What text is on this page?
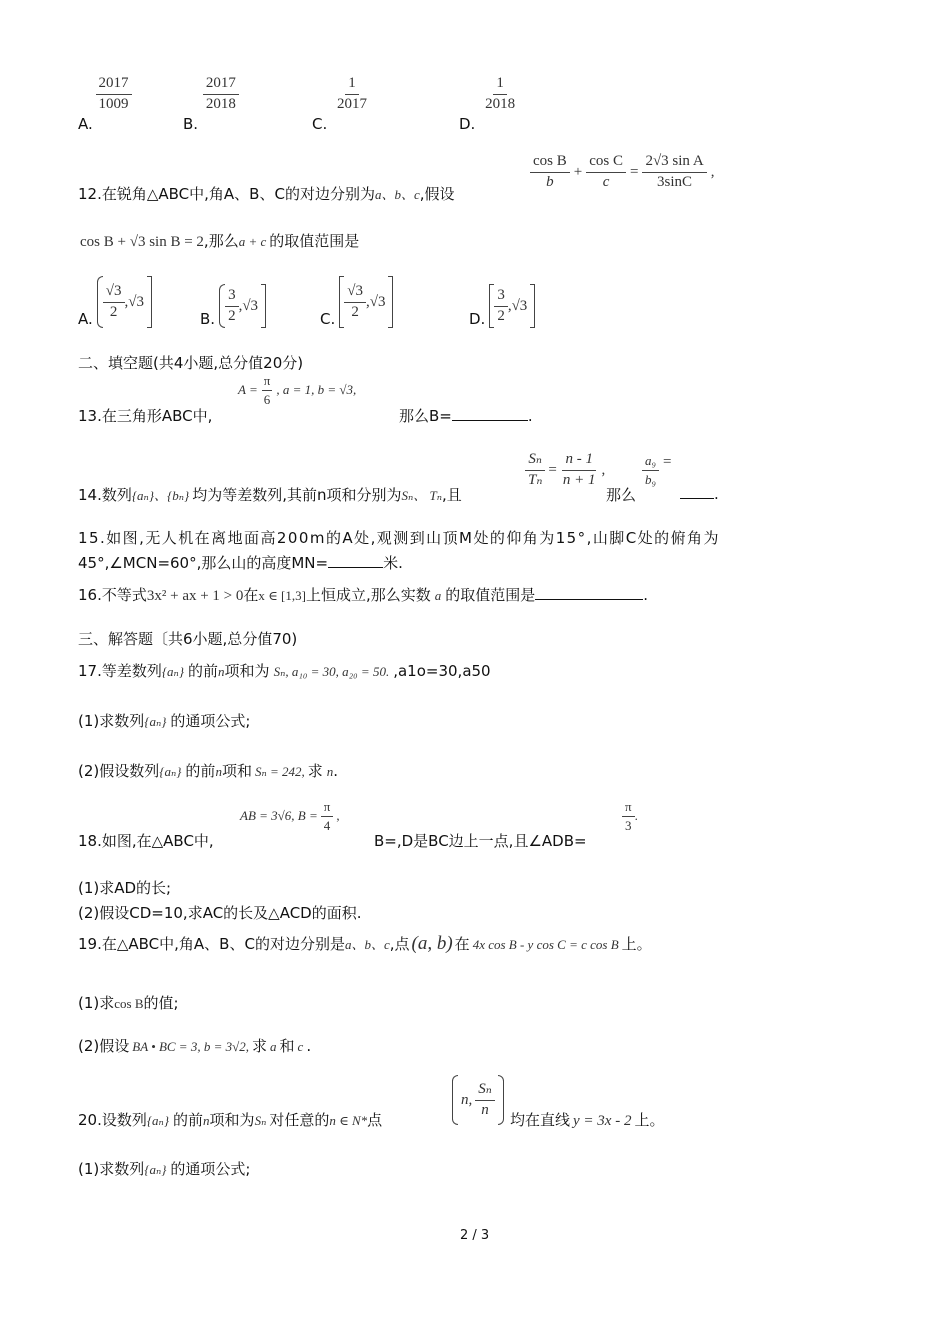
A.
$\frac{2017}{1009}$
B.
$\frac{2017}{2018}$
C.
$\frac{1}{2017}$
D.
$\frac{1}{2018}$
12.在锐角△ABC中,角A、B、C的对边分别为a、b、c,假设
$\frac{\text{cos B}}{b} + \frac{\text{cos C}}{c} = \frac{\text{2√3 sin A}}{3\sin C}$ ,
cos B + √3 sin B = 2,那么a + c 的取值范围是
A. $\frac{√3}{2} ,√3$
B. $\frac{3}{2} ,√3$
C. $\frac{√3}{2} ,√3$
D. $\frac{3}{2} ,√3$
二、填空题(共4小题,总分值20分)
13.在三角形ABC中,
$A = \frac{\pi}{6}$ , a = 1, b = √3,
那么B=	.
14.数列{aₙ}、{bₙ} 均为等差数列,其前n项和分别为Sₙ、 Tₙ,且
$\frac{\text{Sₙ}}{\text{Tₙ}} = \frac{n - 1}{n + 1}$ ,
那么
$\frac{\text{a₉}}{\text{b₉}}$ =
.
15.如图,无人机在离地面高200m的A处,观测到山顶M处的仰角为15°,山脚C处的俯角为
45°,∠MCN=60°,那么山的高度MN=	米.
16.不等式3x² + ax + 1 > 0在x ∈ [1,3]上恒成立,那么实数 a 的取值范围是	.
三、解答题〔共6小题,总分值70)
17.等差数列{aₙ} 的前n项和为 Sₙ, a₁₀ = 30, a₂₀ = 50. ,a1o=30,a50
(1)求数列{aₙ} 的通项公式;
(2)假设数列{aₙ} 的前n项和 Sₙ = 242, 求 n.
18.如图,在△ABC中,
AB = 3√6, $B = \frac{\pi}{4}$ ,
B=,D是BC边上一点,且∠ADB=
$\frac{\pi}{3}$ .
(1)求AD的长;
(2)假设CD=10,求AC的长及△ACD的面积.
19.在△ABC中,角A、B、C的对边分别是a、b、c,点 (a, b) 在 4x cos B - y cos C = c cos B 上。
(1)求cos B的值;
(2)假设 BA • BC = 3, b = 3√2, 求 a 和 c .
20.设数列{aₙ} 的前n项和为Sₙ 对任意的n ∈ N*点
n, $\frac{\text{Sₙ}}{n}$
均在直线 y = 3x - 2 上。
(1)求数列{aₙ} 的通项公式;
2 / 3
